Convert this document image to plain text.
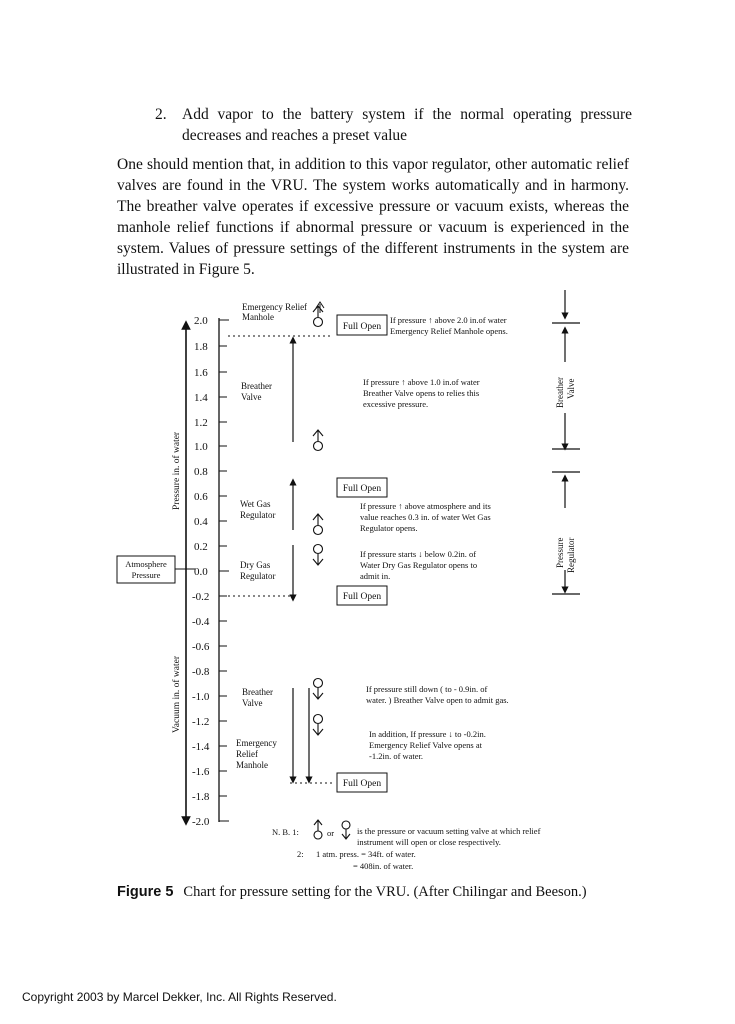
2. Add vapor to the battery system if the normal operating pressure decreases and reaches a preset value

One should mention that, in addition to this vapor regulator, other automatic relief valves are found in the VRU. The system works automatically and in harmony. The breather valve operates if excessive pressure or vacuum exists, whereas the manhole relief functions if abnormal pressure or vacuum is experienced in the system. Values of pressure settings of the different instruments in the system are illustrated in Figure 5.

2.0
1.8
1.6
1.4
1.2
1.0
0.8
0.6
0.4
0.2
0.0
-0.2
-0.4
-0.6
-0.8
-1.0
-1.2
-1.4
-1.6
-1.8
-2.0
Pressure in. of water
Vacuum in. of water
Atmosphere
Pressure
Emergency Relief
Manhole
Breather
Valve
Wet Gas
Regulator
Dry Gas
Regulator
Breather
Valve
Emergency
Relief
Manhole
Full Open
Full Open
Full Open
Full Open
If pressure ↑ above 2.0 in.of water
Emergency Relief Manhole opens.
If pressure ↑ above 1.0 in.of water
Breather Valve opens to relies this
excessive pressure.
If pressure ↑ above atmosphere and its
value reaches 0.3 in. of water Wet Gas
Regulator opens.
If pressure starts ↓ below 0.2in. of
Water Dry Gas Regulator opens to
admit in.
If pressure still down ( to - 0.9in. of
water. ) Breather Valve open to admit gas.
In addition, If pressure ↓ to -0.2in.
Emergency Relief Valve opens at
-1.2in. of water.
Breather Valve
Pressure Regulator
N. B. 1:	or	is the pressure or vacuum setting valve at which relief
instrument will open or close respectively.
2: 1 atm. press. = 34ft. of water.
= 408in. of water.
Figure 5 Chart for pressure setting for the VRU. (After Chilingar and Beeson.)
Copyright 2003 by Marcel Dekker, Inc. All Rights Reserved.
